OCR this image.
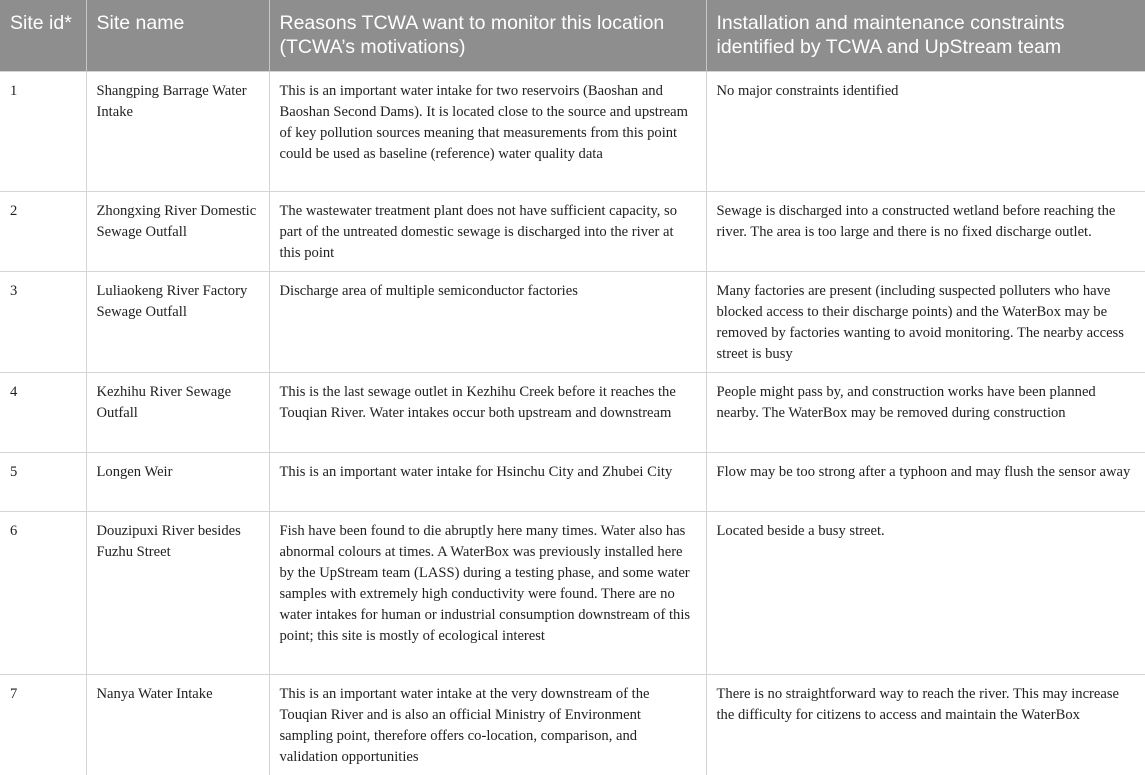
Site id*	Site name	Reasons TCWA want to monitor this location (TCWA’s motivations)	Installation and maintenance constraints identified by TCWA and UpStream team
1	Shangping Barrage Water Intake	This is an important water intake for two reservoirs (Baoshan and Baoshan Second Dams). It is located close to the source and upstream of key pollution sources meaning that measurements from this point could be used as baseline (reference) water quality data	No major constraints identified
2	Zhongxing River Domestic Sewage Outfall	The wastewater treatment plant does not have sufficient capacity, so part of the untreated domestic sewage is discharged into the river at this point	Sewage is discharged into a constructed wetland before reaching the river. The area is too large and there is no fixed discharge outlet.
3	Luliaokeng River Factory Sewage Outfall	Discharge area of multiple semiconductor factories	Many factories are present (including suspected polluters who have blocked access to their discharge points) and the WaterBox may be removed by factories wanting to avoid monitoring. The nearby access street is busy
4	Kezhihu River Sewage Outfall	This is the last sewage outlet in Kezhihu Creek before it reaches the Touqian River. Water intakes occur both upstream and downstream	People might pass by, and construction works have been planned nearby. The WaterBox may be removed during construction
5	Longen Weir	This is an important water intake for Hsinchu City and Zhubei City	Flow may be too strong after a typhoon and may flush the sensor away
6	Douzipuxi River besides Fuzhu Street	Fish have been found to die abruptly here many times. Water also has abnormal colours at times. A WaterBox was previously installed here by the UpStream team (LASS) during a testing phase, and some water samples with extremely high conductivity were found. There are no water intakes for human or industrial consumption downstream of this point; this site is mostly of ecological interest	Located beside a busy street.
7	Nanya Water Intake	This is an important water intake at the very downstream of the Touqian River and is also an official Ministry of Environment sampling point, therefore offers co-location, comparison, and validation opportunities	There is no straightforward way to reach the river. This may increase the difficulty for citizens to access and maintain the WaterBox
